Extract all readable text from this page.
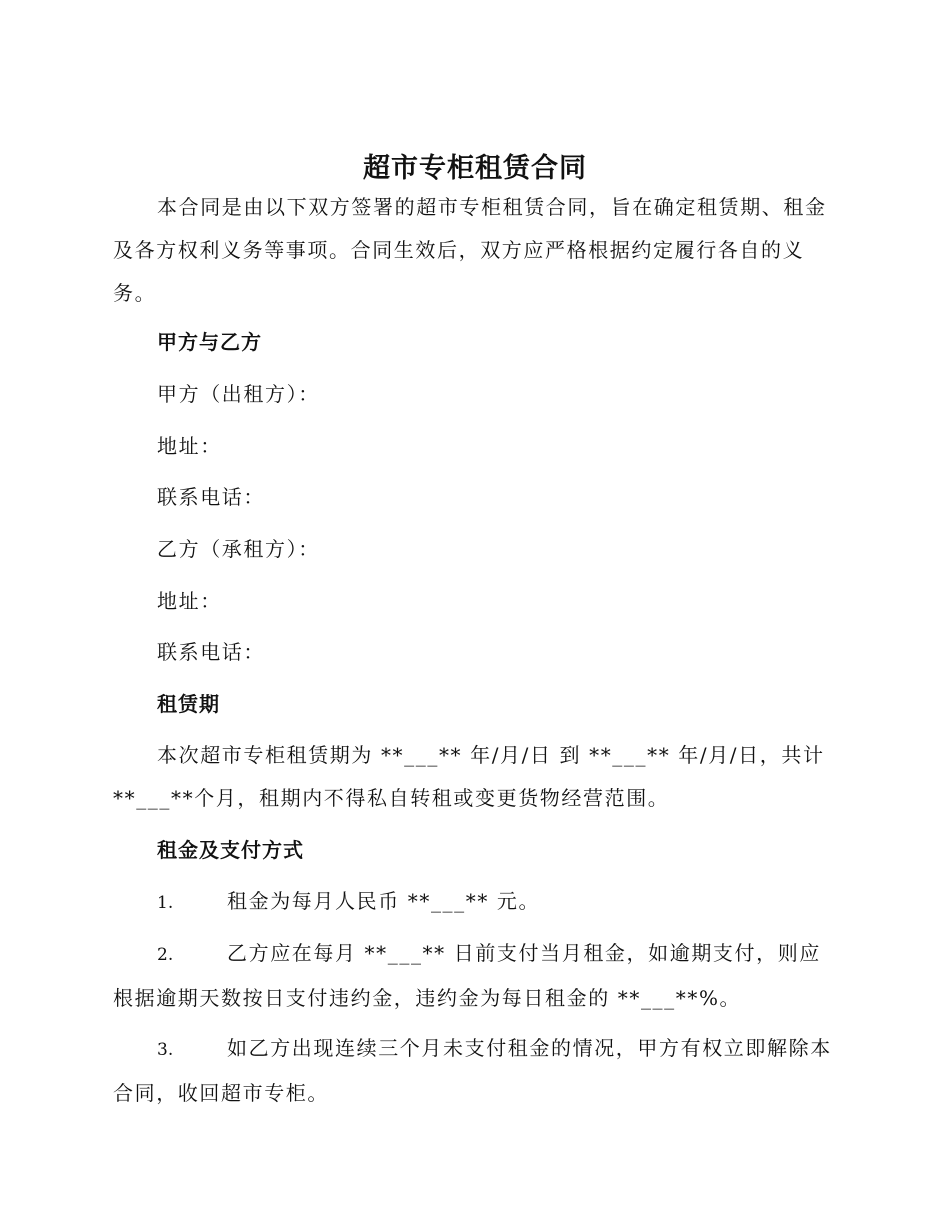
超市专柜租赁合同

本合同是由以下双方签署的超市专柜租赁合同，旨在确定租赁期、租金及各方权利义务等事项。合同生效后，双方应严格根据约定履行各自的义务。

甲方与乙方

甲方（出租方）：

地址：

联系电话：

乙方（承租方）：

地址：

联系电话：

租赁期

本次超市专柜租赁期为 **___** 年/月/日 到 **___** 年/月/日，共计 **___**个月，租期内不得私自转租或变更货物经营范围。

租金及支付方式

1.	租金为每月人民币 **___** 元。

2.	乙方应在每月 **___** 日前支付当月租金，如逾期支付，则应根据逾期天数按日支付违约金，违约金为每日租金的 **___**%。

3.	如乙方出现连续三个月未支付租金的情况，甲方有权立即解除本合同，收回超市专柜。
